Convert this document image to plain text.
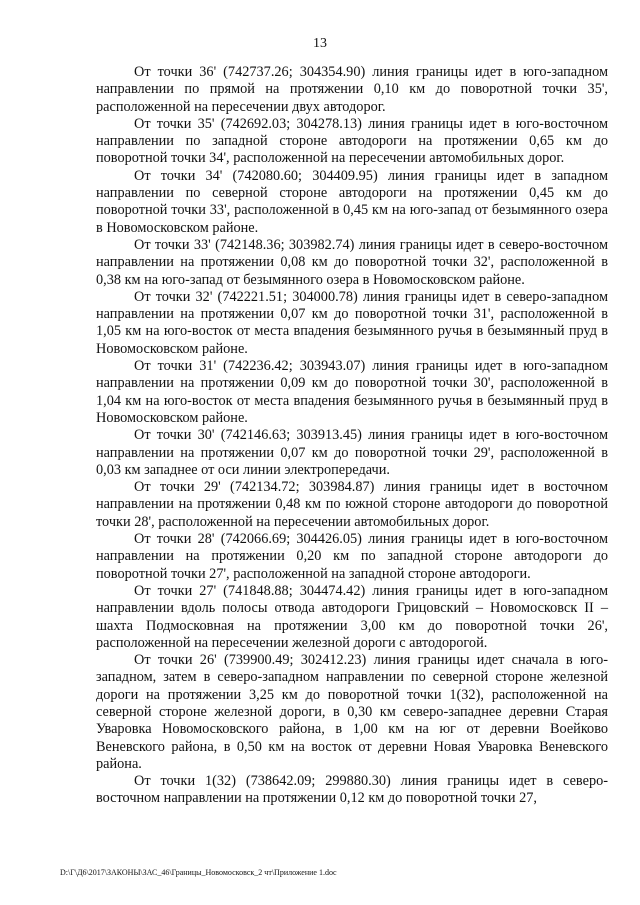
13

От точки 36' (742737.26; 304354.90) линия границы идет в юго-западном направлении по прямой на протяжении 0,10 км до поворотной точки 35', расположенной на пересечении двух автодорог.

От точки 35' (742692.03; 304278.13) линия границы идет в юго-восточном направлении по западной стороне автодороги на протяжении 0,65 км до поворотной точки 34', расположенной на пересечении автомобильных дорог.

От точки 34' (742080.60; 304409.95) линия границы идет в западном направлении по северной стороне автодороги на протяжении 0,45 км до поворотной точки 33', расположенной в 0,45 км на юго-запад от безымянного озера в Новомосковском районе.

От точки 33' (742148.36; 303982.74) линия границы идет в северо-восточном направлении на протяжении 0,08 км до поворотной точки 32', расположенной в 0,38 км на юго-запад от безымянного озера в Новомосковском районе.

От точки 32' (742221.51; 304000.78) линия границы идет в северо-западном направлении на протяжении 0,07 км до поворотной точки 31', расположенной в 1,05 км на юго-восток от места впадения безымянного ручья в безымянный пруд в Новомосковском районе.

От точки 31' (742236.42; 303943.07) линия границы идет в юго-западном направлении на протяжении 0,09 км до поворотной точки 30', расположенной в 1,04 км на юго-восток от места впадения безымянного ручья в безымянный пруд в Новомосковском районе.

От точки 30' (742146.63; 303913.45) линия границы идет в юго-восточном направлении на протяжении 0,07 км до поворотной точки 29', расположенной в 0,03 км западнее от оси линии электропередачи.

От точки 29' (742134.72; 303984.87) линия границы идет в восточном направлении на протяжении 0,48 км по южной стороне автодороги до поворотной точки 28', расположенной на пересечении автомобильных дорог.

От точки 28' (742066.69; 304426.05) линия границы идет в юго-восточном направлении на протяжении 0,20 км по западной стороне автодороги до поворотной точки 27', расположенной на западной стороне автодороги.

От точки 27' (741848.88; 304474.42) линия границы идет в юго-западном направлении вдоль полосы отвода автодороги Грицовский – Новомосковск II – шахта Подмосковная на протяжении 3,00 км до поворотной точки 26', расположенной на пересечении железной дороги с автодорогой.

От точки 26' (739900.49; 302412.23) линия границы идет сначала в юго-западном, затем в северо-западном направлении по северной стороне железной дороги на протяжении 3,25 км до поворотной точки 1(32), расположенной на северной стороне железной дороги, в 0,30 км северо-западнее деревни Старая Уваровка Новомосковского района, в 1,00 км на юг от деревни Воейково Веневского района, в 0,50 км на восток от деревни Новая Уваровка Веневского района.

От точки 1(32) (738642.09; 299880.30) линия границы идет в северо-восточном направлении на протяжении 0,12 км до поворотной точки 27,

D:\Г\Д6\2017\ЗАКОНЫ\ЗАС_46\Границы_Новомосковск_2 чт\Приложение 1.doc
